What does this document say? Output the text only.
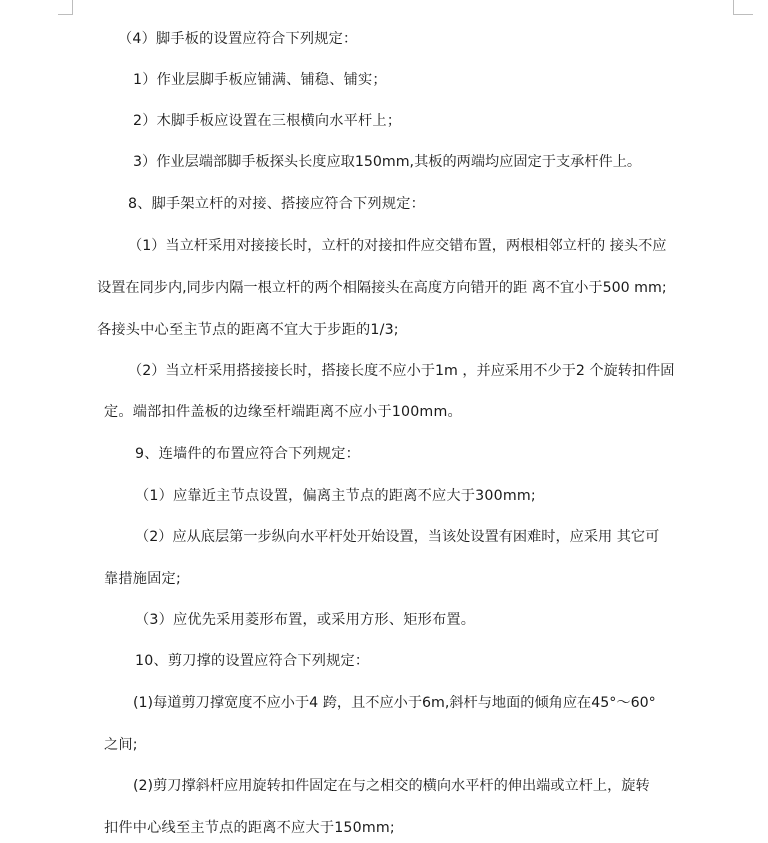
（4）脚手板的设置应符合下列规定：
1）作业层脚手板应铺满、铺稳、铺实；
2）木脚手板应设置在三根横向水平杆上；
3）作业层端部脚手板探头长度应取150mm,其板的两端均应固定于支承杆件上。
8、脚手架立杆的对接、搭接应符合下列规定：
（1）当立杆采用对接接长时，立杆的对接扣件应交错布置，两根相邻立杆的 接头不应
设置在同步内,同步内隔一根立杆的两个相隔接头在高度方向错开的距 离不宜小于500 mm;
各接头中心至主节点的距离不宜大于步距的1/3;
（2）当立杆采用搭接接长时，搭接长度不应小于1m ，并应采用不少于2 个旋转扣件固
定。端部扣件盖板的边缘至杆端距离不应小于100mm。
9、连墙件的布置应符合下列规定：
（1）应靠近主节点设置，偏离主节点的距离不应大于300mm;
（2）应从底层第一步纵向水平杆处开始设置，当该处设置有困难时，应采用 其它可
靠措施固定;
（3）应优先采用菱形布置，或采用方形、矩形布置。
10、剪刀撑的设置应符合下列规定：
(1)每道剪刀撑宽度不应小于4 跨，且不应小于6m,斜杆与地面的倾角应在45°～60°
之间;
(2)剪刀撑斜杆应用旋转扣件固定在与之相交的横向水平杆的伸出端或立杆上，旋转
扣件中心线至主节点的距离不应大于150mm;
